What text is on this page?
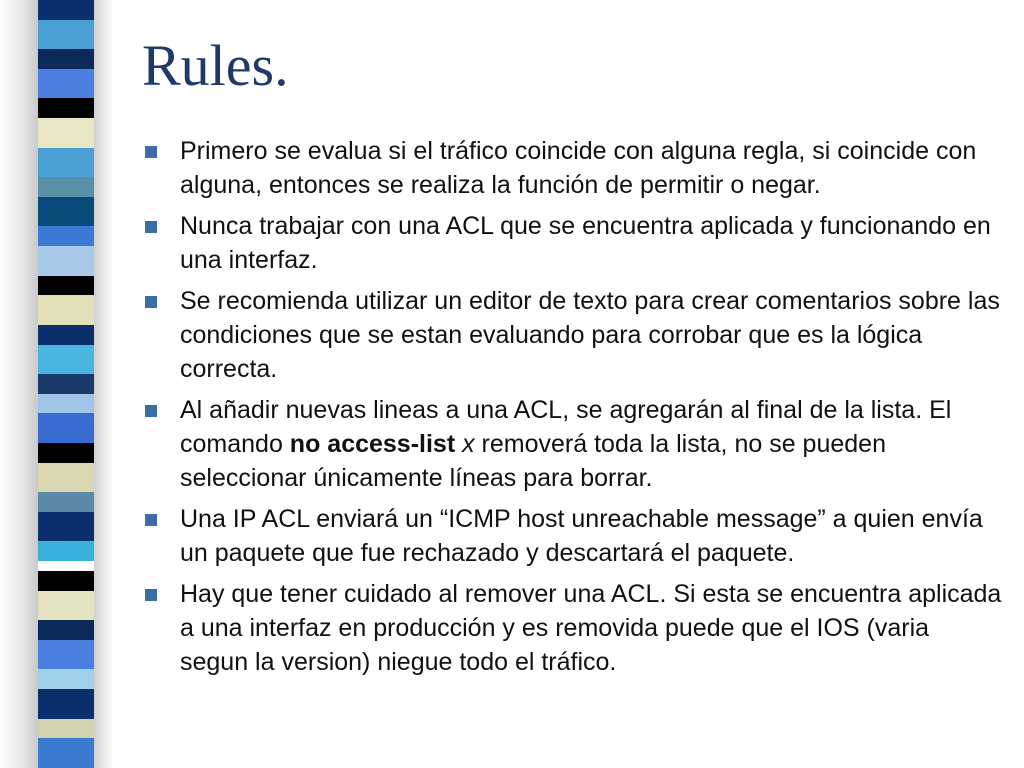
Rules.
Primero se evalua si el tráfico coincide con alguna regla, si coincide con alguna, entonces se realiza la función de permitir o negar.
Nunca trabajar con una ACL que se encuentra aplicada y funcionando en una interfaz.
Se recomienda utilizar un editor de texto para crear comentarios sobre las condiciones que se estan evaluando para corrobar que es la lógica correcta.
Al añadir nuevas lineas a una ACL, se agregarán al final de la lista. El comando no access-list x removerá toda la lista, no se pueden seleccionar únicamente líneas para borrar.
Una IP ACL enviará un “ICMP host unreachable message” a quien envía un paquete que fue rechazado y descartará el paquete.
Hay que tener cuidado al remover una ACL. Si esta se encuentra aplicada a una interfaz en producción y es removida puede que el IOS (varia segun la version) niegue todo el tráfico.
